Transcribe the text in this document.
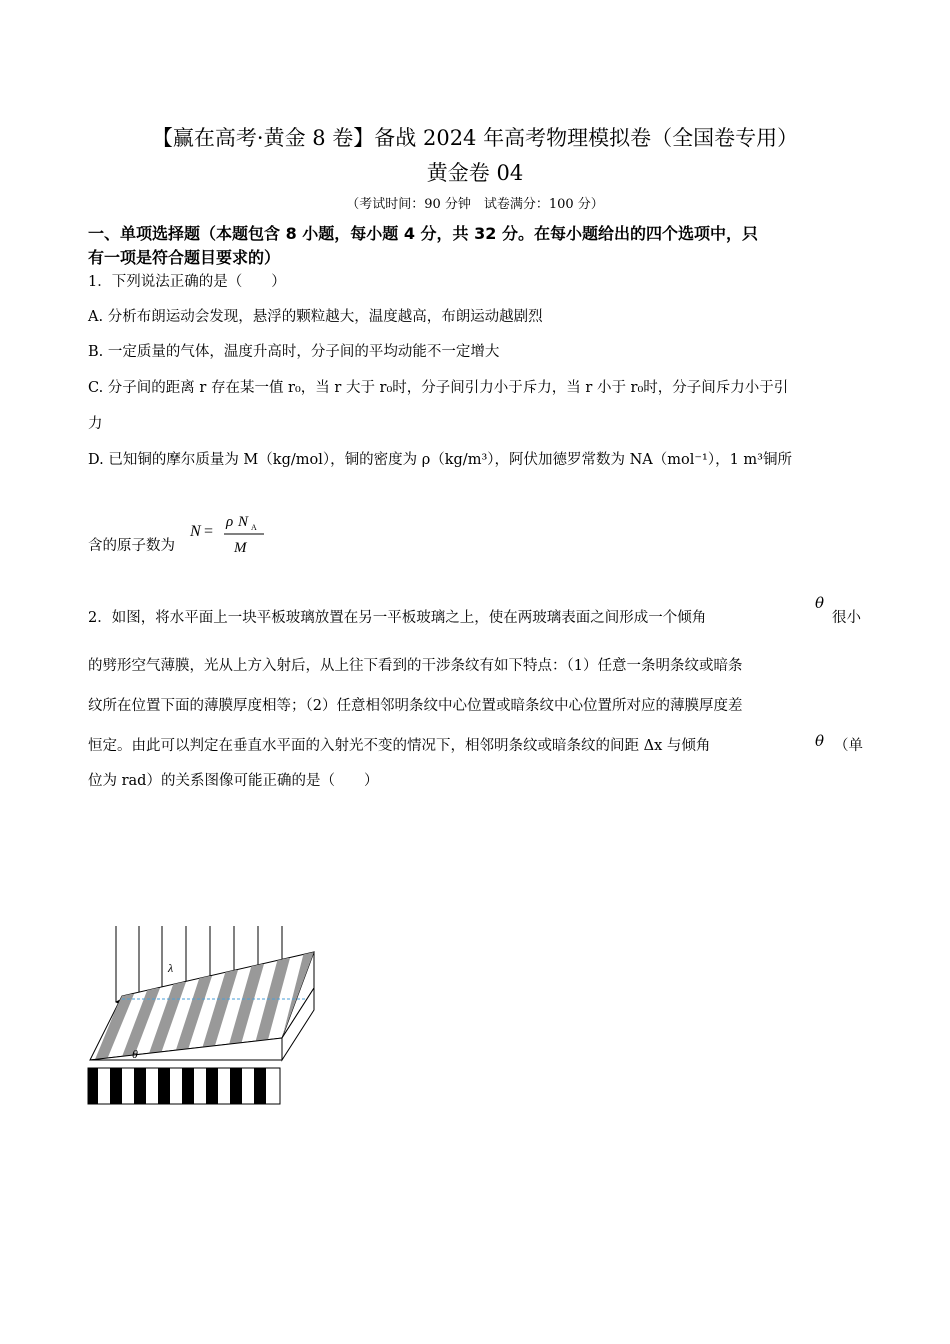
【赢在高考·黄金 8 卷】备战 2024 年高考物理模拟卷（全国卷专用）
黄金卷 04
（考试时间：90 分钟　试卷满分：100 分）
一、单项选择题（本题包含 8 小题，每小题 4 分，共 32 分。在每小题给出的四个选项中，只
有一项是符合题目要求的）
1．下列说法正确的是（　　）
A. 分析布朗运动会发现，悬浮的颗粒越大，温度越高，布朗运动越剧烈
B. 一定质量的气体，温度升高时，分子间的平均动能不一定增大
C. 分子间的距离 r 存在某一值 r₀，当 r 大于 r₀时，分子间引力小于斥力，当 r 小于 r₀时，分子间斥力小于引
力
D. 已知铜的摩尔质量为 M（kg/mol），铜的密度为 ρ（kg/m³），阿伏加德罗常数为 NA（mol⁻¹），1 m³铜所
含的原子数为
N =
ρ N A
M
2．如图，将水平面上一块平板玻璃放置在另一平板玻璃之上，使在两玻璃表面之间形成一个倾角
θ
很小
的劈形空气薄膜，光从上方入射后，从上往下看到的干涉条纹有如下特点：（1）任意一条明条纹或暗条
纹所在位置下面的薄膜厚度相等；（2）任意相邻明条纹中心位置或暗条纹中心位置所对应的薄膜厚度差
恒定。由此可以判定在垂直水平面的入射光不变的情况下，相邻明条纹或暗条纹的间距 Δx 与倾角	θ （单
位为 rad）的关系图像可能正确的是（　　）
λ
θ
